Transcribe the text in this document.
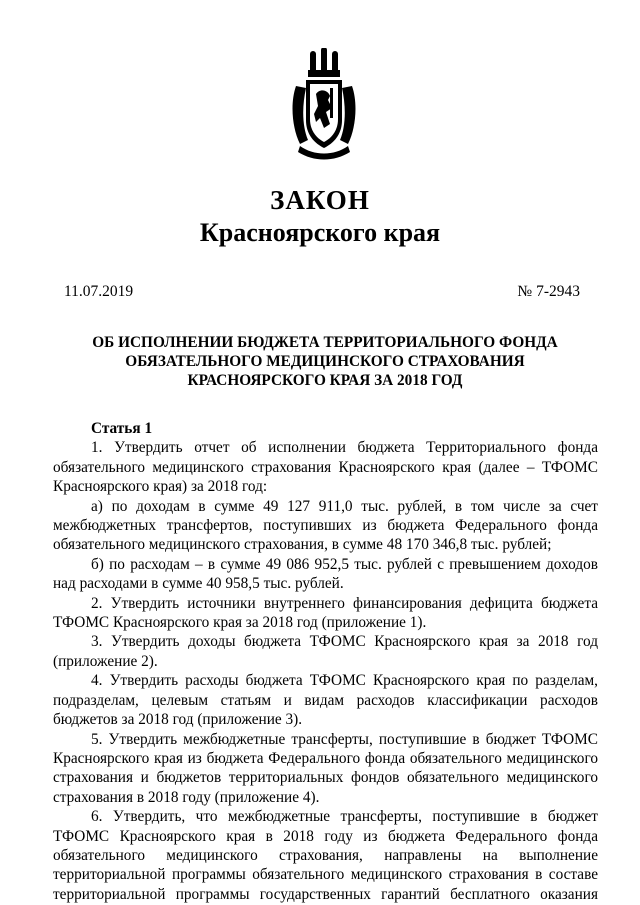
ЗАКОН
Красноярского края
11.07.2019	№ 7-2943
ОБ ИСПОЛНЕНИИ БЮДЖЕТА ТЕРРИТОРИАЛЬНОГО ФОНДА
ОБЯЗАТЕЛЬНОГО МЕДИЦИНСКОГО СТРАХОВАНИЯ
КРАСНОЯРСКОГО КРАЯ ЗА 2018 ГОД
Статья 1
1. Утвердить отчет об исполнении бюджета Территориального фонда
обязательного медицинского страхования Красноярского края (далее – ТФОМС
Красноярского края) за 2018 год:
а) по доходам в сумме 49 127 911,0 тыс. рублей, в том числе за счет
межбюджетных трансфертов, поступивших из бюджета Федерального фонда
обязательного медицинского страхования, в сумме 48 170 346,8 тыс. рублей;
б) по расходам – в сумме 49 086 952,5 тыс. рублей с превышением доходов
над расходами в сумме 40 958,5 тыс. рублей.
2. Утвердить источники внутреннего финансирования дефицита бюджета
ТФОМС Красноярского края за 2018 год (приложение 1).
3. Утвердить доходы бюджета ТФОМС Красноярского края за 2018 год
(приложение 2).
4. Утвердить расходы бюджета ТФОМС Красноярского края по разделам,
подразделам, целевым статьям и видам расходов классификации расходов
бюджетов за 2018 год (приложение 3).
5. Утвердить межбюджетные трансферты, поступившие в бюджет ТФОМС
Красноярского края из бюджета Федерального фонда обязательного медицинского
страхования и бюджетов территориальных фондов обязательного медицинского
страхования в 2018 году (приложение 4).
6. Утвердить, что межбюджетные трансферты, поступившие в бюджет
ТФОМС Красноярского края в 2018 году из бюджета Федерального фонда
обязательного медицинского страхования, направлены на выполнение
территориальной программы обязательного медицинского страхования в составе
территориальной программы государственных гарантий бесплатного оказания
